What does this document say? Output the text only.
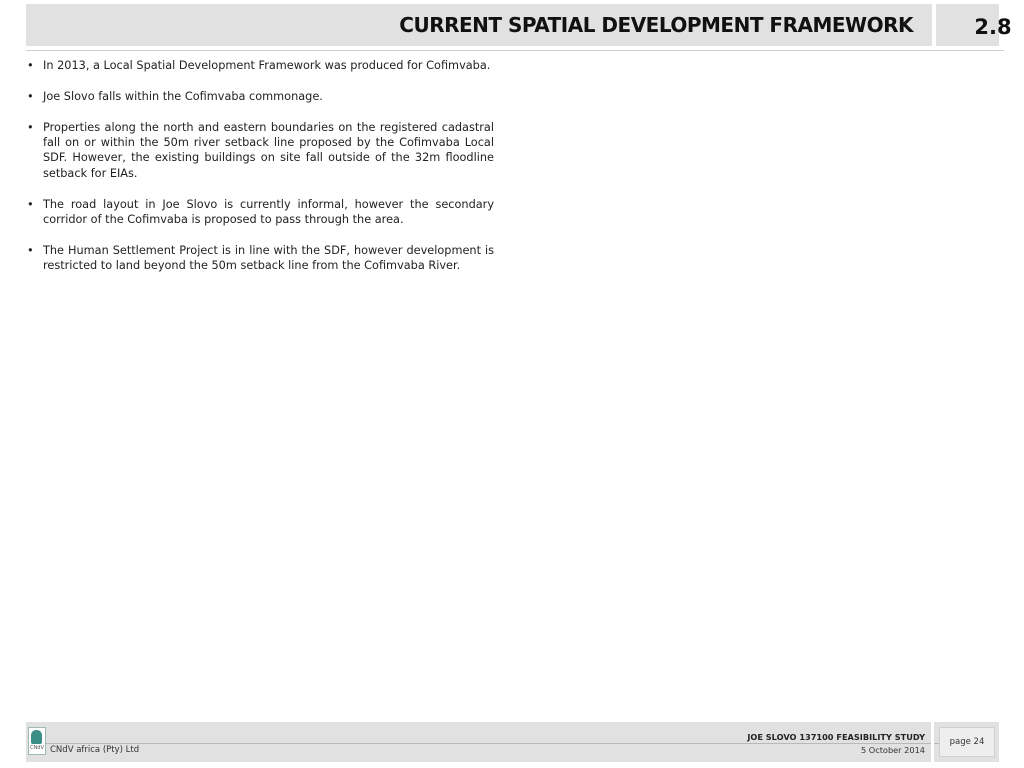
CURRENT SPATIAL DEVELOPMENT FRAMEWORK	2.8
• In 2013, a Local Spatial Development Framework was produced for Cofimvaba.
• Joe Slovo falls within the Cofimvaba commonage.
• Properties along the north and eastern boundaries on the registered cadastral fall on or within the 50m river setback line proposed by the Cofimvaba Local SDF. However, the existing buildings on site fall outside of the 32m floodline setback for EIAs.
• The road layout in Joe Slovo is currently informal, however the secondary corridor of the Cofimvaba is proposed to pass through the area.
• The Human Settlement Project is in line with the SDF, however development is restricted to land beyond the 50m setback line from the Cofimvaba River.
CNdV CNdV africa (Pty) Ltd
JOE SLOVO 137100 FEASIBILITY STUDY
5 October 2014
page 24
